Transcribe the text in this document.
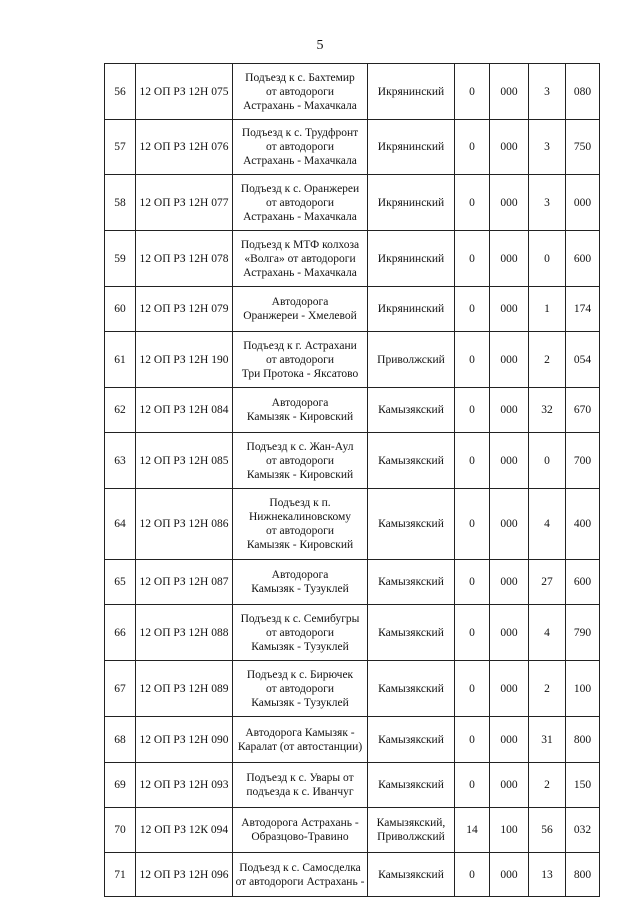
5
56	12 ОП РЗ 12Н 075	Подъезд к с. Бахтемир
от автодороги
Астрахань - Махачкала	Икрянинский	0	000	3	080
57	12 ОП РЗ 12Н 076	Подъезд к с. Трудфронт
от автодороги
Астрахань - Махачкала	Икрянинский	0	000	3	750
58	12 ОП РЗ 12Н 077	Подъезд к с. Оранжереи
от автодороги
Астрахань - Махачкала	Икрянинский	0	000	3	000
59	12 ОП РЗ 12Н 078	Подъезд к МТФ колхоза
«Волга» от автодороги
Астрахань - Махачкала	Икрянинский	0	000	0	600
60	12 ОП РЗ 12Н 079	Автодорога
Оранжереи - Хмелевой	Икрянинский	0	000	1	174
61	12 ОП РЗ 12Н 190	Подъезд к г. Астрахани
от автодороги
Три Протока - Яксатово	Приволжский	0	000	2	054
62	12 ОП РЗ 12Н 084	Автодорога
Камызяк - Кировский	Камызякский	0	000	32	670
63	12 ОП РЗ 12Н 085	Подъезд к с. Жан-Аул
от автодороги
Камызяк - Кировский	Камызякский	0	000	0	700
64	12 ОП РЗ 12Н 086	Подъезд к п.
Нижнекалиновскому
от автодороги
Камызяк - Кировский	Камызякский	0	000	4	400
65	12 ОП РЗ 12Н 087	Автодорога
Камызяк - Тузуклей	Камызякский	0	000	27	600
66	12 ОП РЗ 12Н 088	Подъезд к с. Семибугры
от автодороги
Камызяк - Тузуклей	Камызякский	0	000	4	790
67	12 ОП РЗ 12Н 089	Подъезд к с. Бирючек
от автодороги
Камызяк - Тузуклей	Камызякский	0	000	2	100
68	12 ОП РЗ 12Н 090	Автодорога Камызяк -
Каралат (от автостанции)	Камызякский	0	000	31	800
69	12 ОП РЗ 12Н 093	Подъезд к с. Увары от
подъезда к с. Иванчуг	Камызякский	0	000	2	150
70	12 ОП РЗ 12К 094	Автодорога Астрахань -
Образцово-Травино	Камызякский,
Приволжский	14	100	56	032
71	12 ОП РЗ 12Н 096	Подъезд к с. Самосделка
от автодороги Астрахань -	Камызякский	0	000	13	800
